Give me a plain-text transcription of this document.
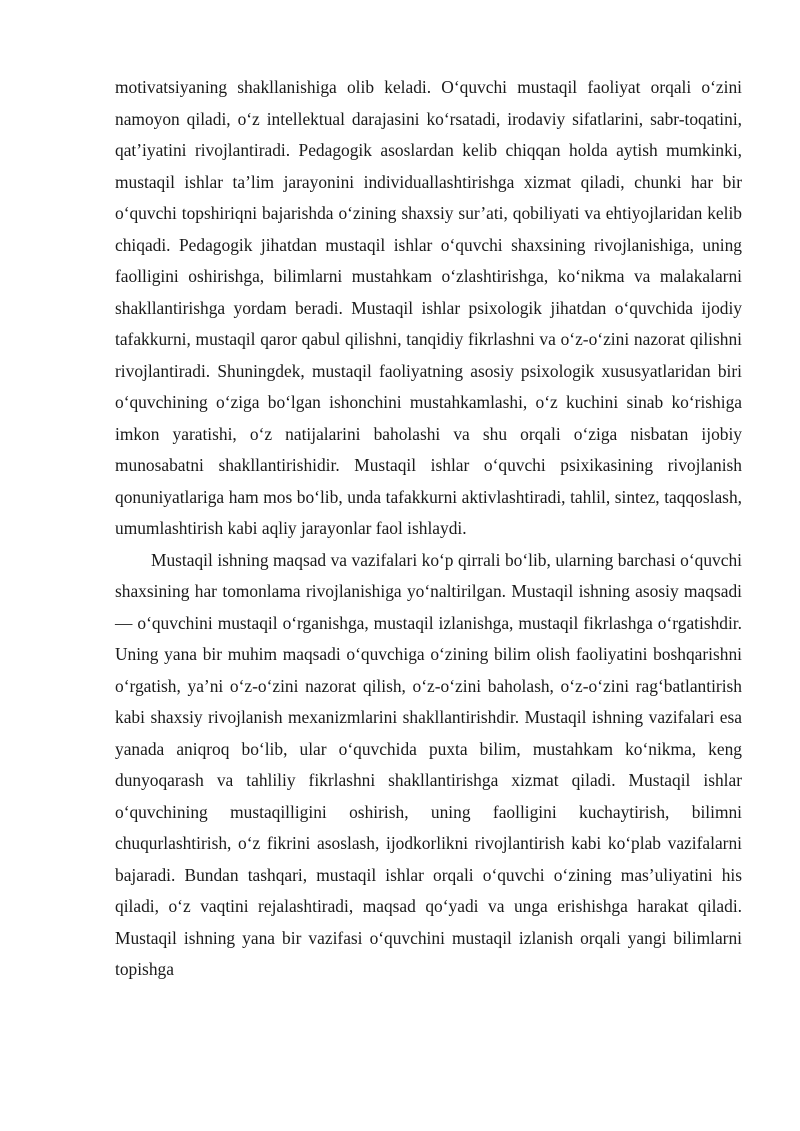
motivatsiyaning shakllanishiga olib keladi. O‘quvchi mustaqil faoliyat orqali o‘zini namoyon qiladi, o‘z intellektual darajasini ko‘rsatadi, irodaviy sifatlarini, sabr-toqatini, qat’iyatini rivojlantiradi. Pedagogik asoslardan kelib chiqqan holda aytish mumkinki, mustaqil ishlar ta’lim jarayonini individuallashtirishga xizmat qiladi, chunki har bir o‘quvchi topshiriqni bajarishda o‘zining shaxsiy sur’ati, qobiliyati va ehtiyojlaridan kelib chiqadi. Pedagogik jihatdan mustaqil ishlar o‘quvchi shaxsining rivojlanishiga, uning faolligini oshirishga, bilimlarni mustahkam o‘zlashtirishga, ko‘nikma va malakalarni shakllantirishga yordam beradi. Mustaqil ishlar psixologik jihatdan o‘quvchida ijodiy tafakkurni, mustaqil qaror qabul qilishni, tanqidiy fikrlashni va o‘z-o‘zini nazorat qilishni rivojlantiradi. Shuningdek, mustaqil faoliyatning asosiy psixologik xususyatlaridan biri o‘quvchining o‘ziga bo‘lgan ishonchini mustahkamlashi, o‘z kuchini sinab ko‘rishiga imkon yaratishi, o‘z natijalarini baholashi va shu orqali o‘ziga nisbatan ijobiy munosabatni shakllantirishidir. Mustaqil ishlar o‘quvchi psixikasining rivojlanish qonuniyatlariga ham mos bo‘lib, unda tafakkurni aktivlashtiradi, tahlil, sintez, taqqoslash, umumlashtirish kabi aqliy jarayonlar faol ishlaydi.

Mustaqil ishning maqsad va vazifalari ko‘p qirrali bo‘lib, ularning barchasi o‘quvchi shaxsining har tomonlama rivojlanishiga yo‘naltirilgan. Mustaqil ishning asosiy maqsadi — o‘quvchini mustaqil o‘rganishga, mustaqil izlanishga, mustaqil fikrlashga o‘rgatishdir. Uning yana bir muhim maqsadi o‘quvchiga o‘zining bilim olish faoliyatini boshqarishni o‘rgatish, ya’ni o‘z-o‘zini nazorat qilish, o‘z-o‘zini baholash, o‘z-o‘zini rag‘batlantirish kabi shaxsiy rivojlanish mexanizmlarini shakllantirishdir. Mustaqil ishning vazifalari esa yanada aniqroq bo‘lib, ular o‘quvchida puxta bilim, mustahkam ko‘nikma, keng dunyoqarash va tahliliy fikrlashni shakllantirishga xizmat qiladi. Mustaqil ishlar o‘quvchining mustaqilligini oshirish, uning faolligini kuchaytirish, bilimni chuqurlashtirish, o‘z fikrini asoslash, ijodkorlikni rivojlantirish kabi ko‘plab vazifalarni bajaradi. Bundan tashqari, mustaqil ishlar orqali o‘quvchi o‘zining mas’uliyatini his qiladi, o‘z vaqtini rejalashtiradi, maqsad qo‘yadi va unga erishishga harakat qiladi. Mustaqil ishning yana bir vazifasi o‘quvchini mustaqil izlanish orqali yangi bilimlarni topishga
